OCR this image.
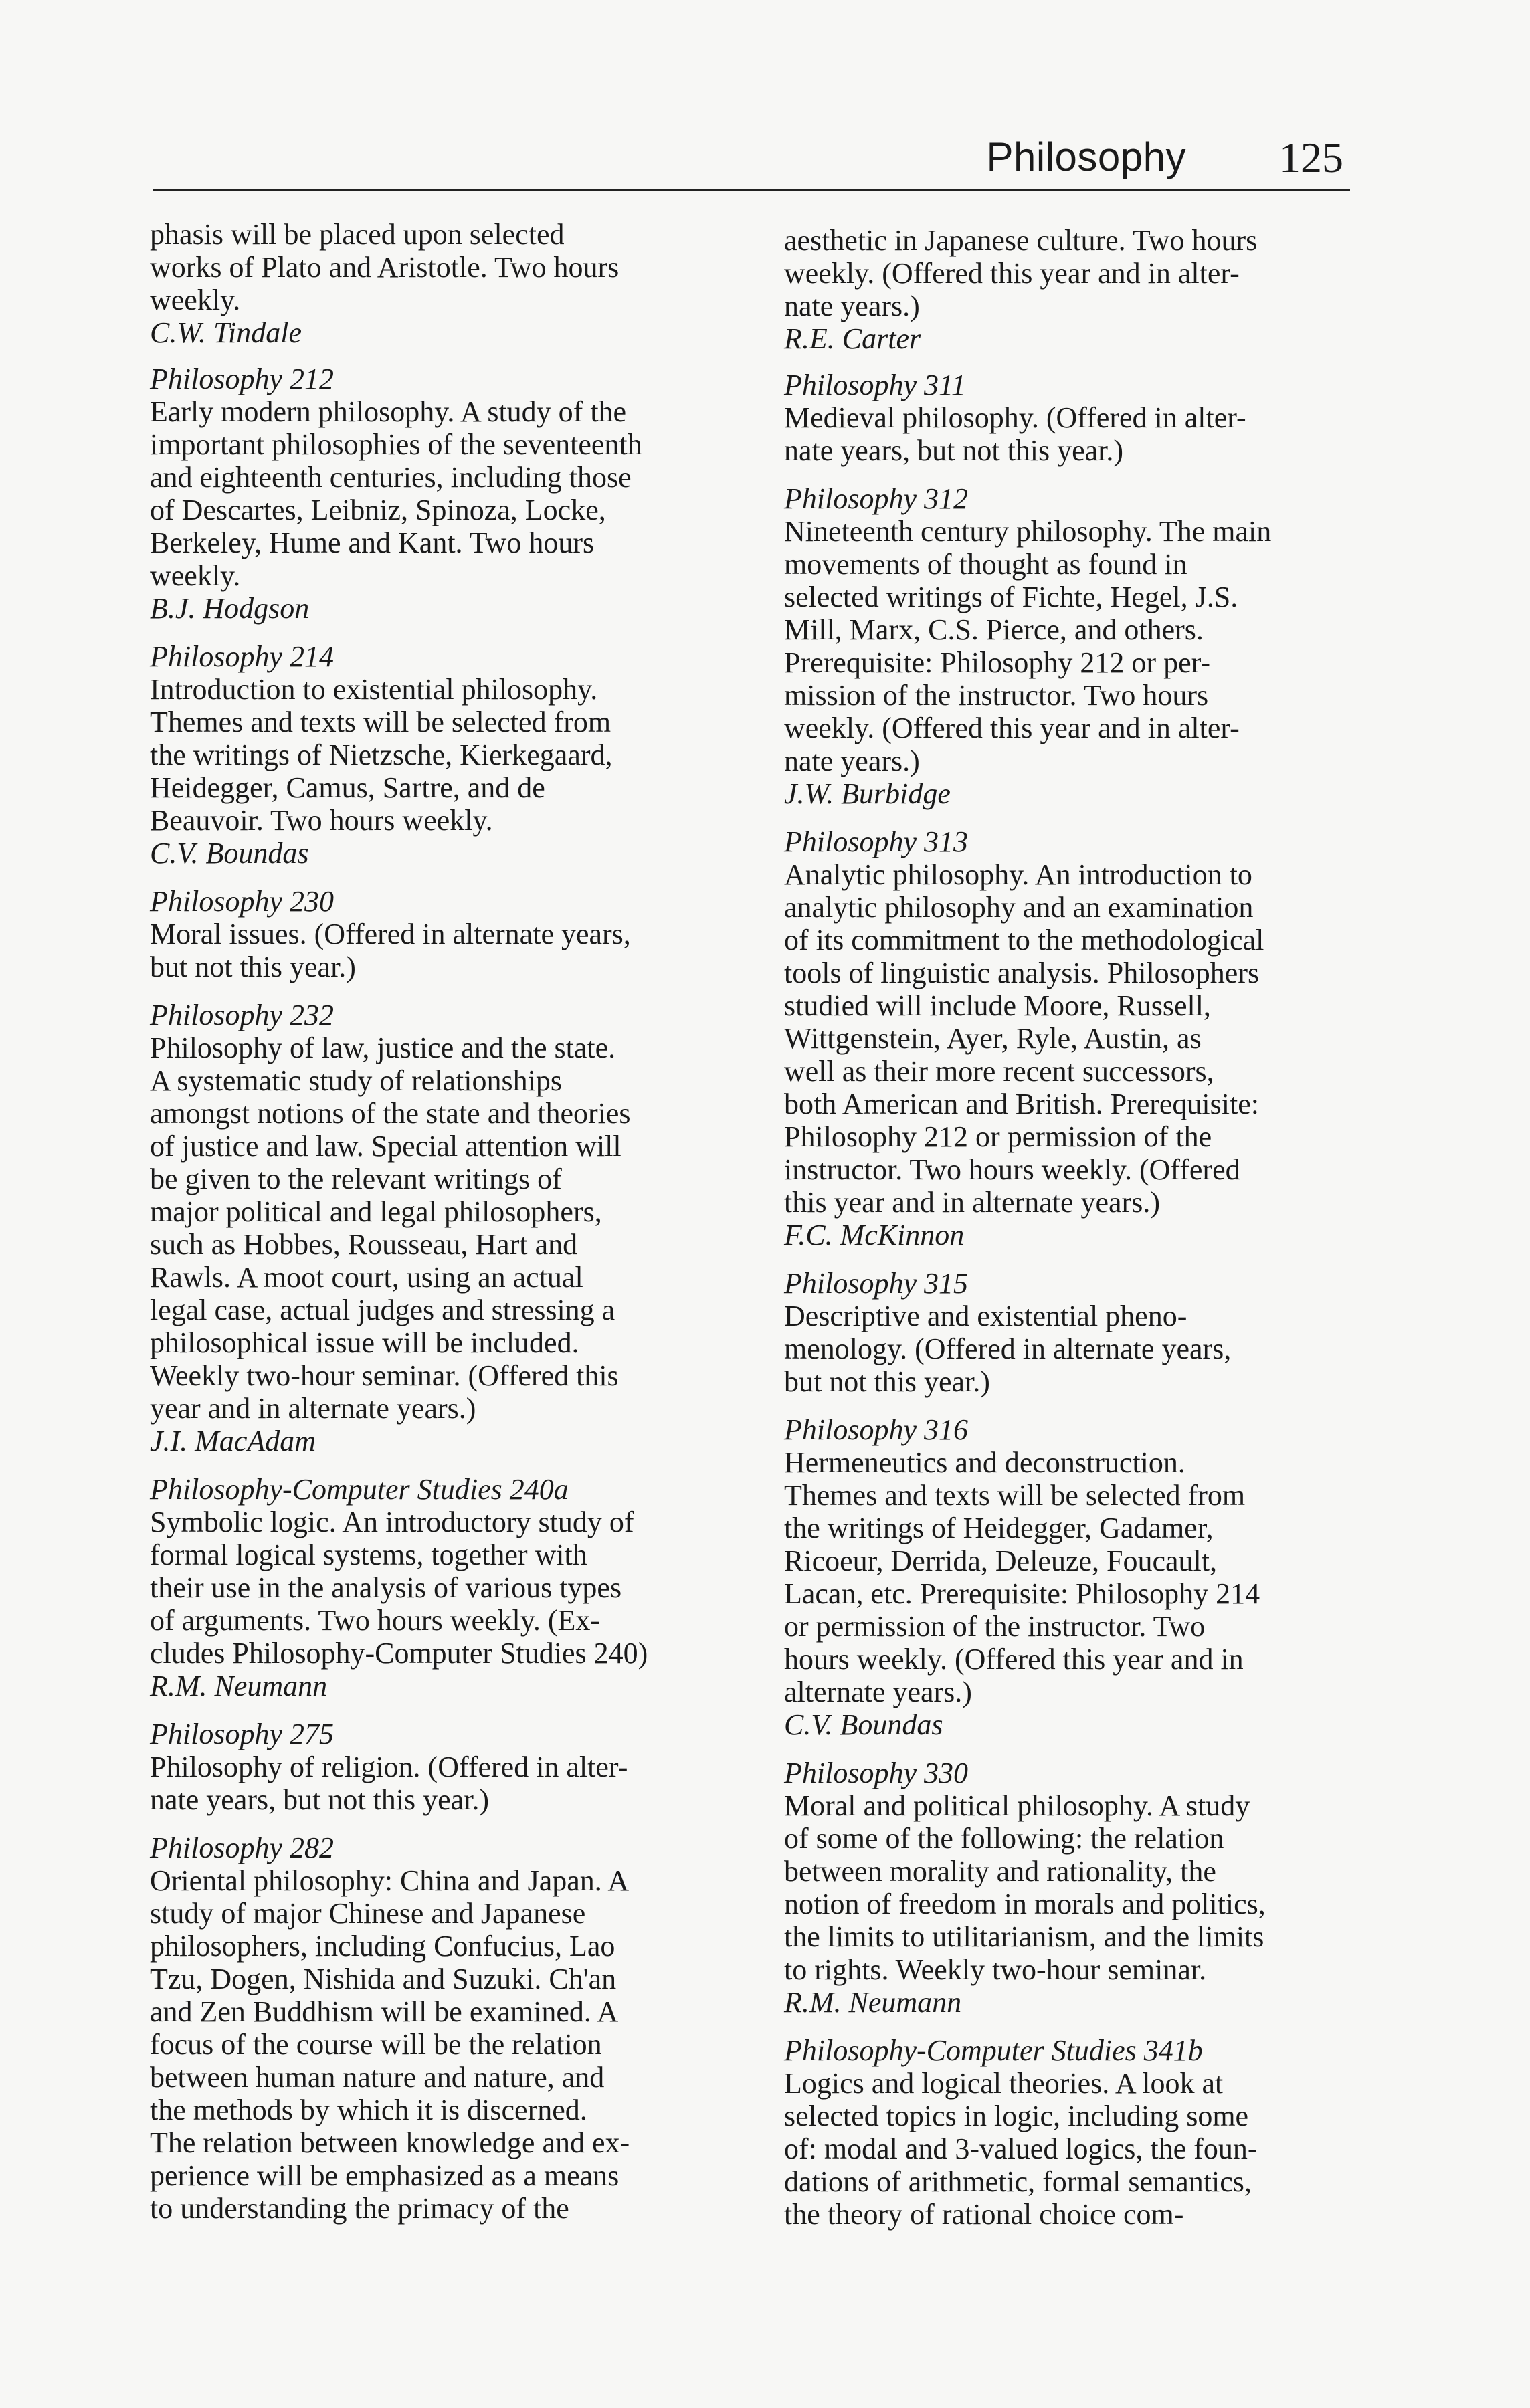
Philosophy 125
phasis will be placed upon selected
works of Plato and Aristotle. Two hours
weekly.
C.W. Tindale
Philosophy 212
Early modern philosophy. A study of the
important philosophies of the seventeenth
and eighteenth centuries, including those
of Descartes, Leibniz, Spinoza, Locke,
Berkeley, Hume and Kant. Two hours
weekly.
B.J. Hodgson
Philosophy 214
Introduction to existential philosophy.
Themes and texts will be selected from
the writings of Nietzsche, Kierkegaard,
Heidegger, Camus, Sartre, and de
Beauvoir. Two hours weekly.
C.V. Boundas
Philosophy 230
Moral issues. (Offered in alternate years,
but not this year.)
Philosophy 232
Philosophy of law, justice and the state.
A systematic study of relationships
amongst notions of the state and theories
of justice and law. Special attention will
be given to the relevant writings of
major political and legal philosophers,
such as Hobbes, Rousseau, Hart and
Rawls. A moot court, using an actual
legal case, actual judges and stressing a
philosophical issue will be included.
Weekly two-hour seminar. (Offered this
year and in alternate years.)
J.I. MacAdam
Philosophy-Computer Studies 240a
Symbolic logic. An introductory study of
formal logical systems, together with
their use in the analysis of various types
of arguments. Two hours weekly. (Ex-
cludes Philosophy-Computer Studies 240)
R.M. Neumann
Philosophy 275
Philosophy of religion. (Offered in alter-
nate years, but not this year.)
Philosophy 282
Oriental philosophy: China and Japan. A
study of major Chinese and Japanese
philosophers, including Confucius, Lao
Tzu, Dogen, Nishida and Suzuki. Ch'an
and Zen Buddhism will be examined. A
focus of the course will be the relation
between human nature and nature, and
the methods by which it is discerned.
The relation between knowledge and ex-
perience will be emphasized as a means
to understanding the primacy of the
aesthetic in Japanese culture. Two hours
weekly. (Offered this year and in alter-
nate years.)
R.E. Carter
Philosophy 311
Medieval philosophy. (Offered in alter-
nate years, but not this year.)
Philosophy 312
Nineteenth century philosophy. The main
movements of thought as found in
selected writings of Fichte, Hegel, J.S.
Mill, Marx, C.S. Pierce, and others.
Prerequisite: Philosophy 212 or per-
mission of the instructor. Two hours
weekly. (Offered this year and in alter-
nate years.)
J.W. Burbidge
Philosophy 313
Analytic philosophy. An introduction to
analytic philosophy and an examination
of its commitment to the methodological
tools of linguistic analysis. Philosophers
studied will include Moore, Russell,
Wittgenstein, Ayer, Ryle, Austin, as
well as their more recent successors,
both American and British. Prerequisite:
Philosophy 212 or permission of the
instructor. Two hours weekly. (Offered
this year and in alternate years.)
F.C. McKinnon
Philosophy 315
Descriptive and existential pheno-
menology. (Offered in alternate years,
but not this year.)
Philosophy 316
Hermeneutics and deconstruction.
Themes and texts will be selected from
the writings of Heidegger, Gadamer,
Ricoeur, Derrida, Deleuze, Foucault,
Lacan, etc. Prerequisite: Philosophy 214
or permission of the instructor. Two
hours weekly. (Offered this year and in
alternate years.)
C.V. Boundas
Philosophy 330
Moral and political philosophy. A study
of some of the following: the relation
between morality and rationality, the
notion of freedom in morals and politics,
the limits to utilitarianism, and the limits
to rights. Weekly two-hour seminar.
R.M. Neumann
Philosophy-Computer Studies 341b
Logics and logical theories. A look at
selected topics in logic, including some
of: modal and 3-valued logics, the foun-
dations of arithmetic, formal semantics,
the theory of rational choice com-
